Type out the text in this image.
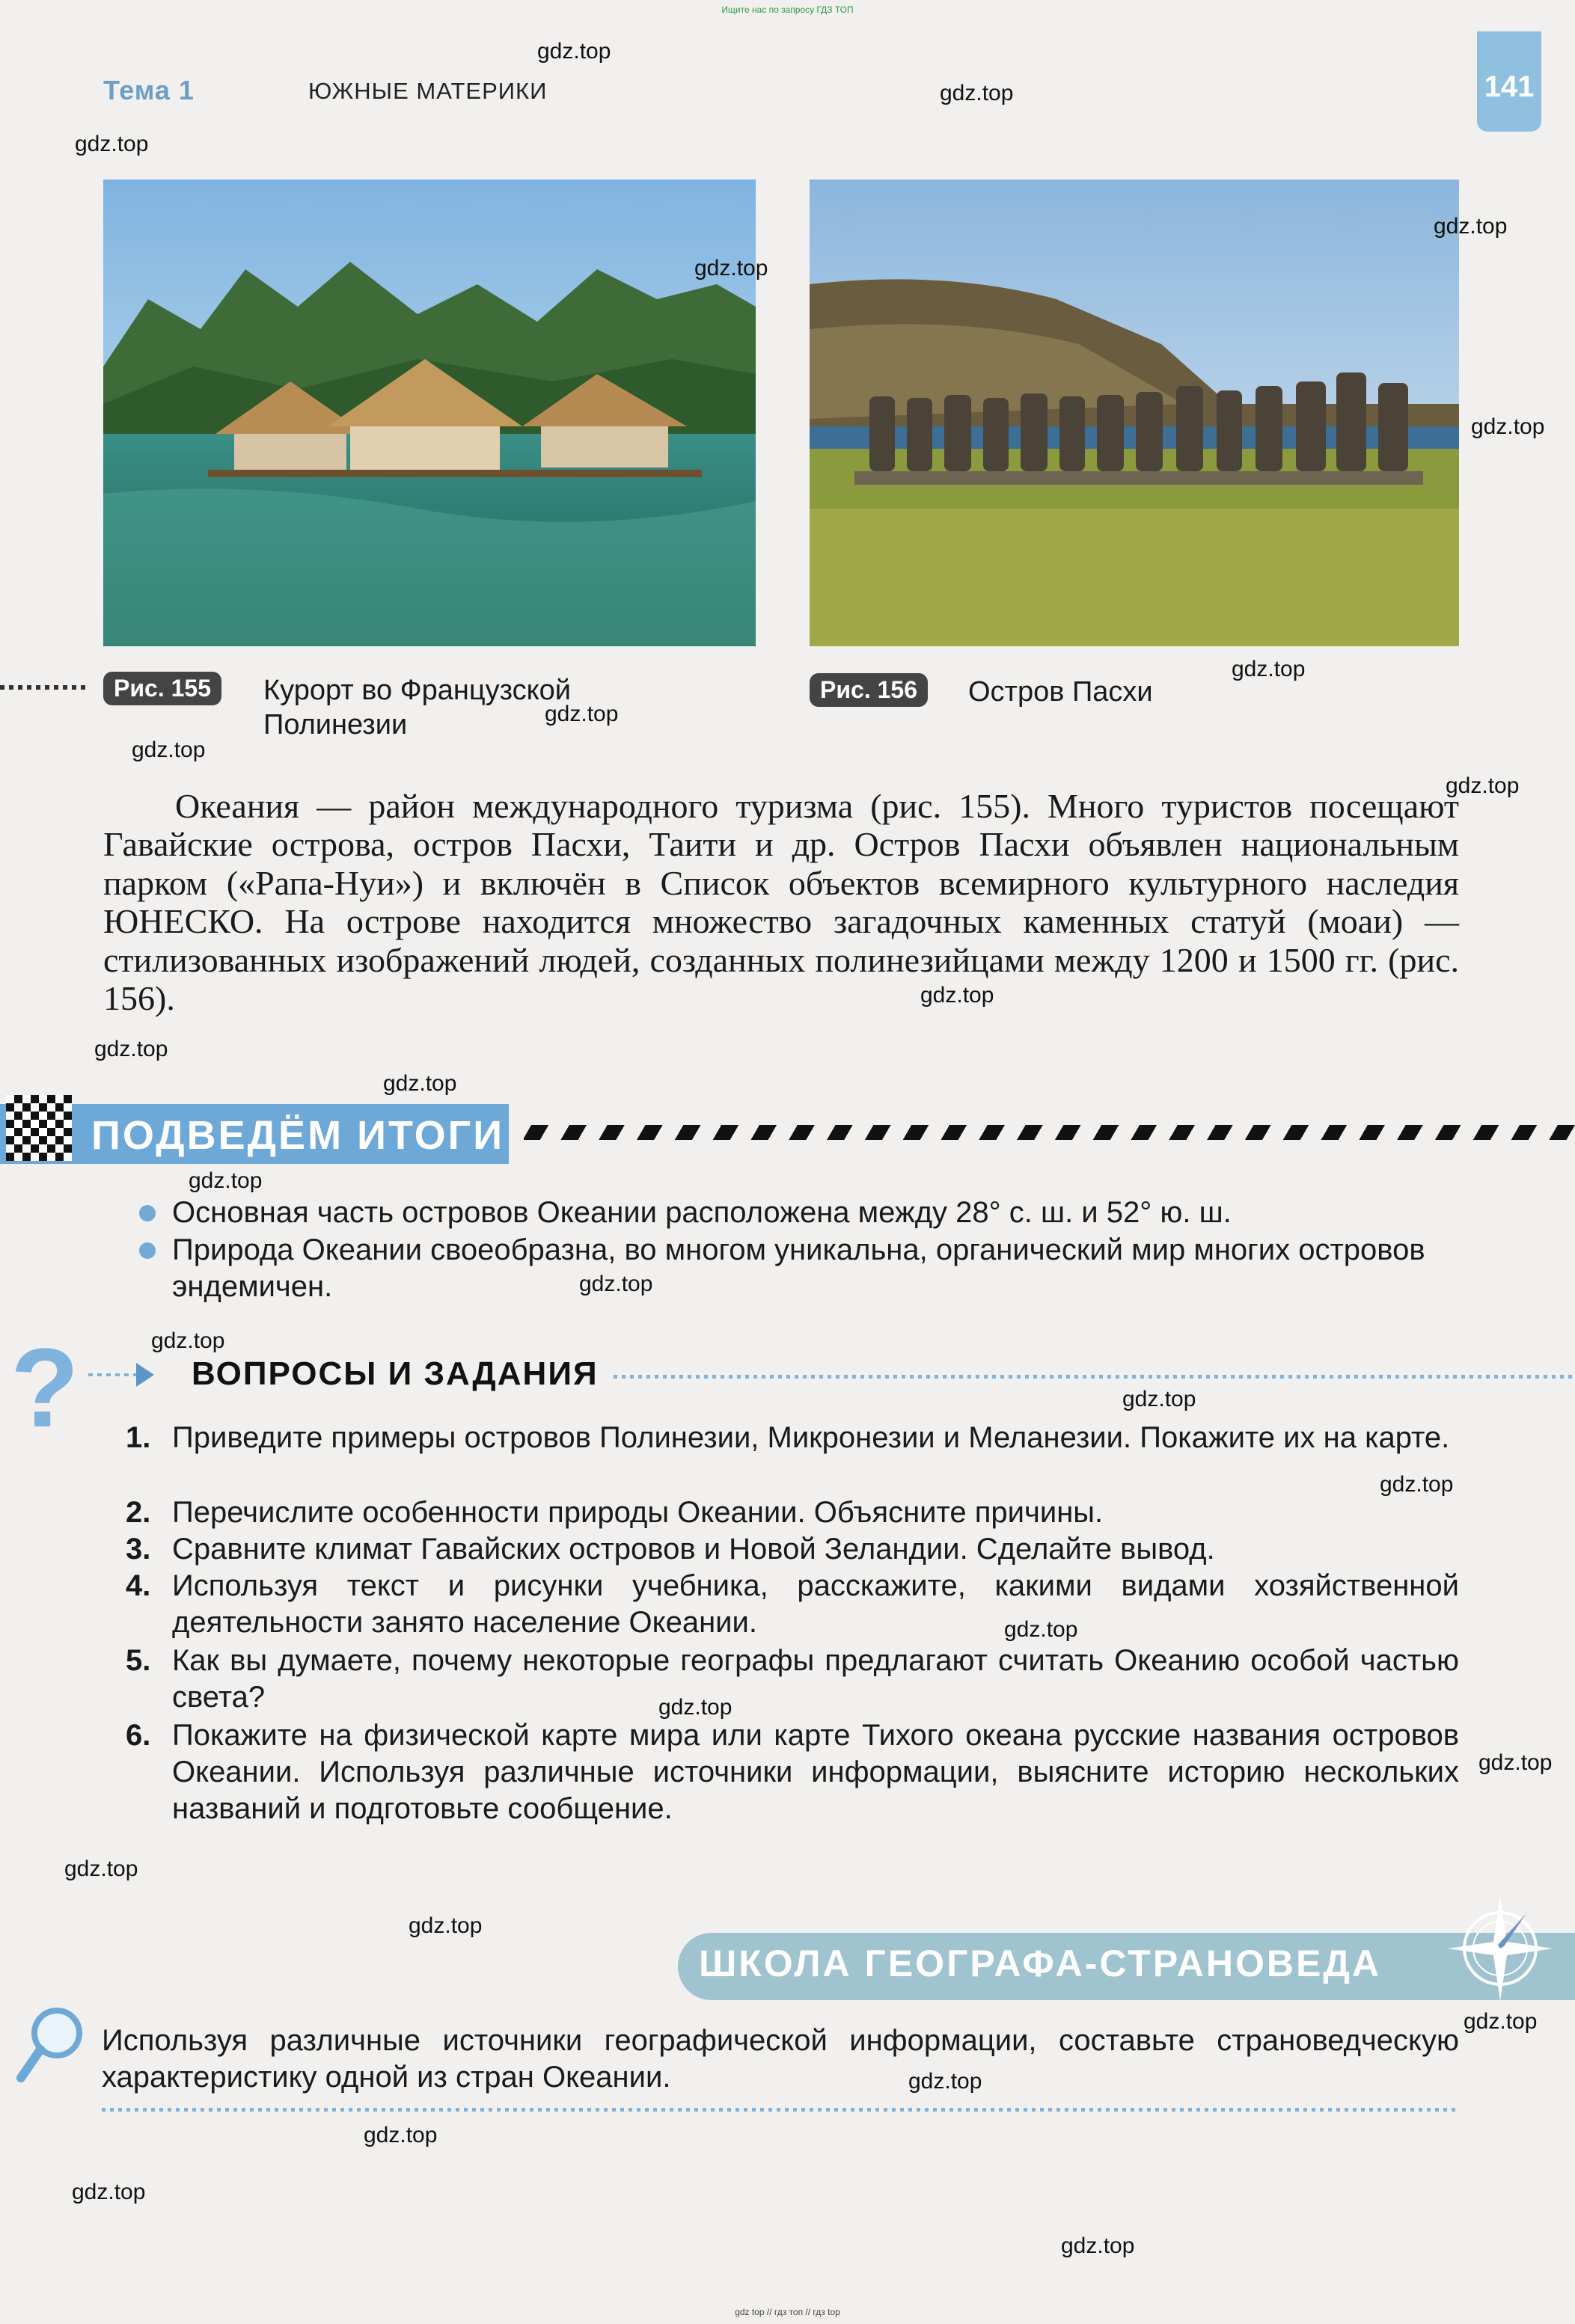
Ищите нас по запросу ГДЗ ТОП
Тема 1	ЮЖНЫЕ МАТЕРИКИ	141
Рис. 155	Курорт во Французской
Полинезии
Рис. 156	Остров Пасхи

Океания — район международного туризма (рис. 155). Много туристов посещают Гавайские острова, остров Пасхи, Таити и др. Остров Пасхи объявлен национальным парком («Рапа-Нуи») и включён в Список объектов всемирного культурного наследия ЮНЕСКО. На острове находится множество загадочных каменных статуй (моаи) — стилизованных изображений людей, созданных полинезийцами между 1200 и 1500 гг. (рис. 156).

ПОДВЕДЁМ ИТОГИ
Основная часть островов Океании расположена между 28° с. ш. и 52° ю. ш.
Природа Океании своеобразна, во многом уникальна, органический мир многих островов эндемичен.
?	ВОПРОСЫ И ЗАДАНИЯ
1. Приведите примеры островов Полинезии, Микронезии и Меланезии. Покажите их на карте.
2. Перечислите особенности природы Океании. Объясните причины.
3. Сравните климат Гавайских островов и Новой Зеландии. Сделайте вывод.
4. Используя текст и рисунки учебника, расскажите, какими видами хозяйственной деятельности занято население Океании.
5. Как вы думаете, почему некоторые географы предлагают считать Океанию особой частью света?
6. Покажите на физической карте мира или карте Тихого океана русские названия островов Океании. Используя различные источники информации, выясните историю нескольких названий и подготовьте сообщение.
ШКОЛА ГЕОГРАФА-СТРАНОВЕДА
Используя различные источники географической информации, составьте страноведческую характеристику одной из стран Океании.
gdz.top
gdz.top
gdz.top
gdz.top
gdz.top
gdz.top
gdz.top
gdz.top
gdz.top
gdz.top
gdz.top
gdz.top
gdz.top
gdz.top
gdz.top
gdz.top
gdz.top
gdz.top
gdz.top
gdz.top
gdz.top
gdz.top
gdz.top
gdz.top
gdz.top
gdz.top
gdz.top
gdz.top
gdz top // гдз топ // гдз top
